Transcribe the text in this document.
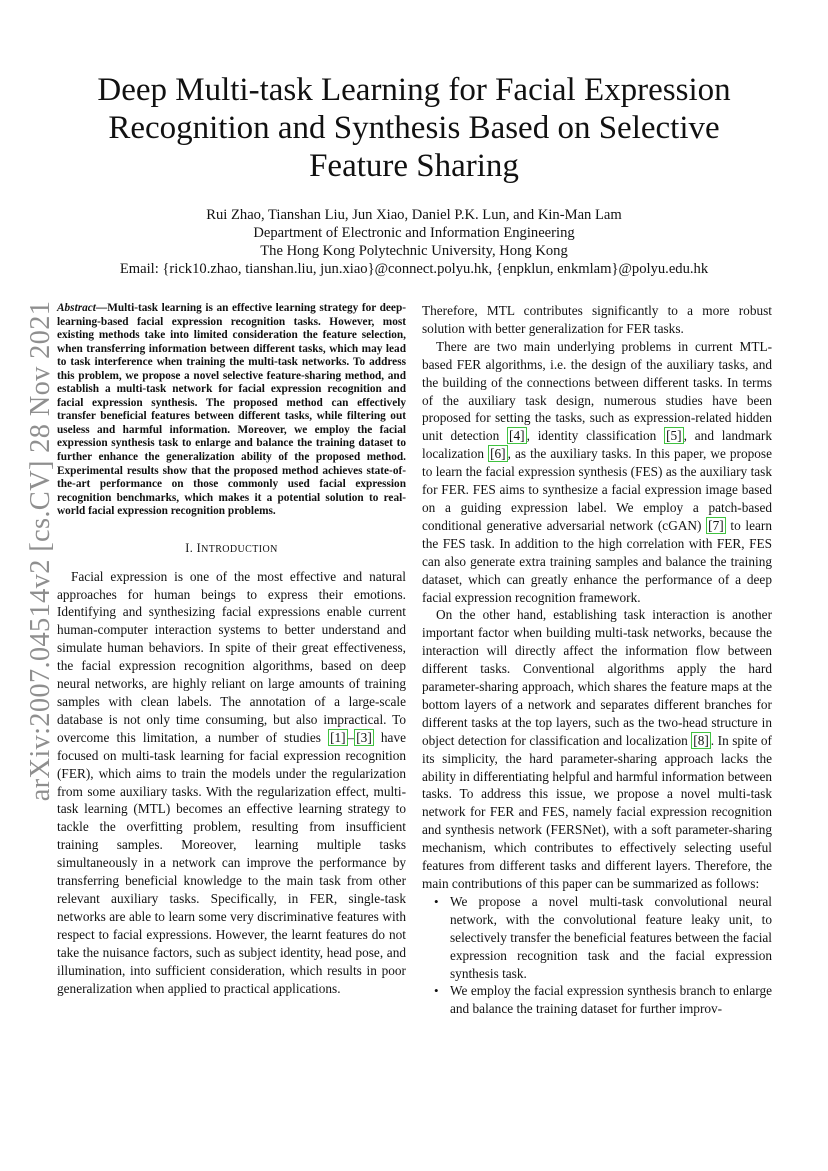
arXiv:2007.04514v2 [cs.CV] 28 Nov 2021
Deep Multi-task Learning for Facial Expression Recognition and Synthesis Based on Selective Feature Sharing
Rui Zhao, Tianshan Liu, Jun Xiao, Daniel P.K. Lun, and Kin-Man Lam
Department of Electronic and Information Engineering
The Hong Kong Polytechnic University, Hong Kong
Email: {rick10.zhao, tianshan.liu, jun.xiao}@connect.polyu.hk, {enpklun, enkmlam}@polyu.edu.hk

Abstract—Multi-task learning is an effective learning strategy for deep-learning-based facial expression recognition tasks. However, most existing methods take into limited consideration the feature selection, when transferring information between different tasks, which may lead to task interference when training the multi-task networks. To address this problem, we propose a novel selective feature-sharing method, and establish a multi-task network for facial expression recognition and facial expression synthesis. The proposed method can effectively transfer beneficial features between different tasks, while filtering out useless and harmful information. Moreover, we employ the facial expression synthesis task to enlarge and balance the training dataset to further enhance the generalization ability of the proposed method. Experimental results show that the proposed method achieves state-of-the-art performance on those commonly used facial expression recognition benchmarks, which makes it a potential solution to real-world facial expression recognition problems.

I. INTRODUCTION

Facial expression is one of the most effective and natural approaches for human beings to express their emotions. Identifying and synthesizing facial expressions enable current human-computer interaction systems to better understand and simulate human behaviors. In spite of their great effectiveness, the facial expression recognition algorithms, based on deep neural networks, are highly reliant on large amounts of training samples with clean labels. The annotation of a large-scale database is not only time consuming, but also impractical. To overcome this limitation, a number of studies [1] – [3] have focused on multi-task learning for facial expression recognition (FER), which aims to train the models under the regularization from some auxiliary tasks. With the regularization effect, multi-task learning (MTL) becomes an effective learning strategy to tackle the overfitting problem, resulting from insufficient training samples. Moreover, learning multiple tasks simultaneously in a network can improve the performance by transferring beneficial knowledge to the main task from other relevant auxiliary tasks. Specifically, in FER, single-task networks are able to learn some very discriminative features with respect to facial expressions. However, the learnt features do not take the nuisance factors, such as subject identity, head pose, and illumination, into sufficient consideration, which results in poor generalization when applied to practical applications.

Therefore, MTL contributes significantly to a more robust solution with better generalization for FER tasks.

There are two main underlying problems in current MTL-based FER algorithms, i.e. the design of the auxiliary tasks, and the building of the connections between different tasks. In terms of the auxiliary task design, numerous studies have been proposed for setting the tasks, such as expression-related hidden unit detection [4] , identity classification [5] , and landmark localization [6] , as the auxiliary tasks. In this paper, we propose to learn the facial expression synthesis (FES) as the auxiliary task for FER. FES aims to synthesize a facial expression image based on a guiding expression label. We employ a patch-based conditional generative adversarial network (cGAN) [7] to learn the FES task. In addition to the high correlation with FER, FES can also generate extra training samples and balance the training dataset, which can greatly enhance the performance of a deep facial expression recognition framework.

On the other hand, establishing task interaction is another important factor when building multi-task networks, because the interaction will directly affect the information flow between different tasks. Conventional algorithms apply the hard parameter-sharing approach, which shares the feature maps at the bottom layers of a network and separates different branches for different tasks at the top layers, such as the two-head structure in object detection for classification and localization [8] . In spite of its simplicity, the hard parameter-sharing approach lacks the ability in differentiating helpful and harmful information between tasks. To address this issue, we propose a novel multi-task network for FER and FES, namely facial expression recognition and synthesis network (FERSNet), with a soft parameter-sharing mechanism, which contributes to effectively selecting useful features from different tasks and different layers. Therefore, the main contributions of this paper can be summarized as follows:

• We propose a novel multi-task convolutional neural network, with the convolutional feature leaky unit, to selectively transfer the beneficial features between the facial expression recognition task and the facial expression synthesis task.
• We employ the facial expression synthesis branch to enlarge and balance the training dataset for further improv-
